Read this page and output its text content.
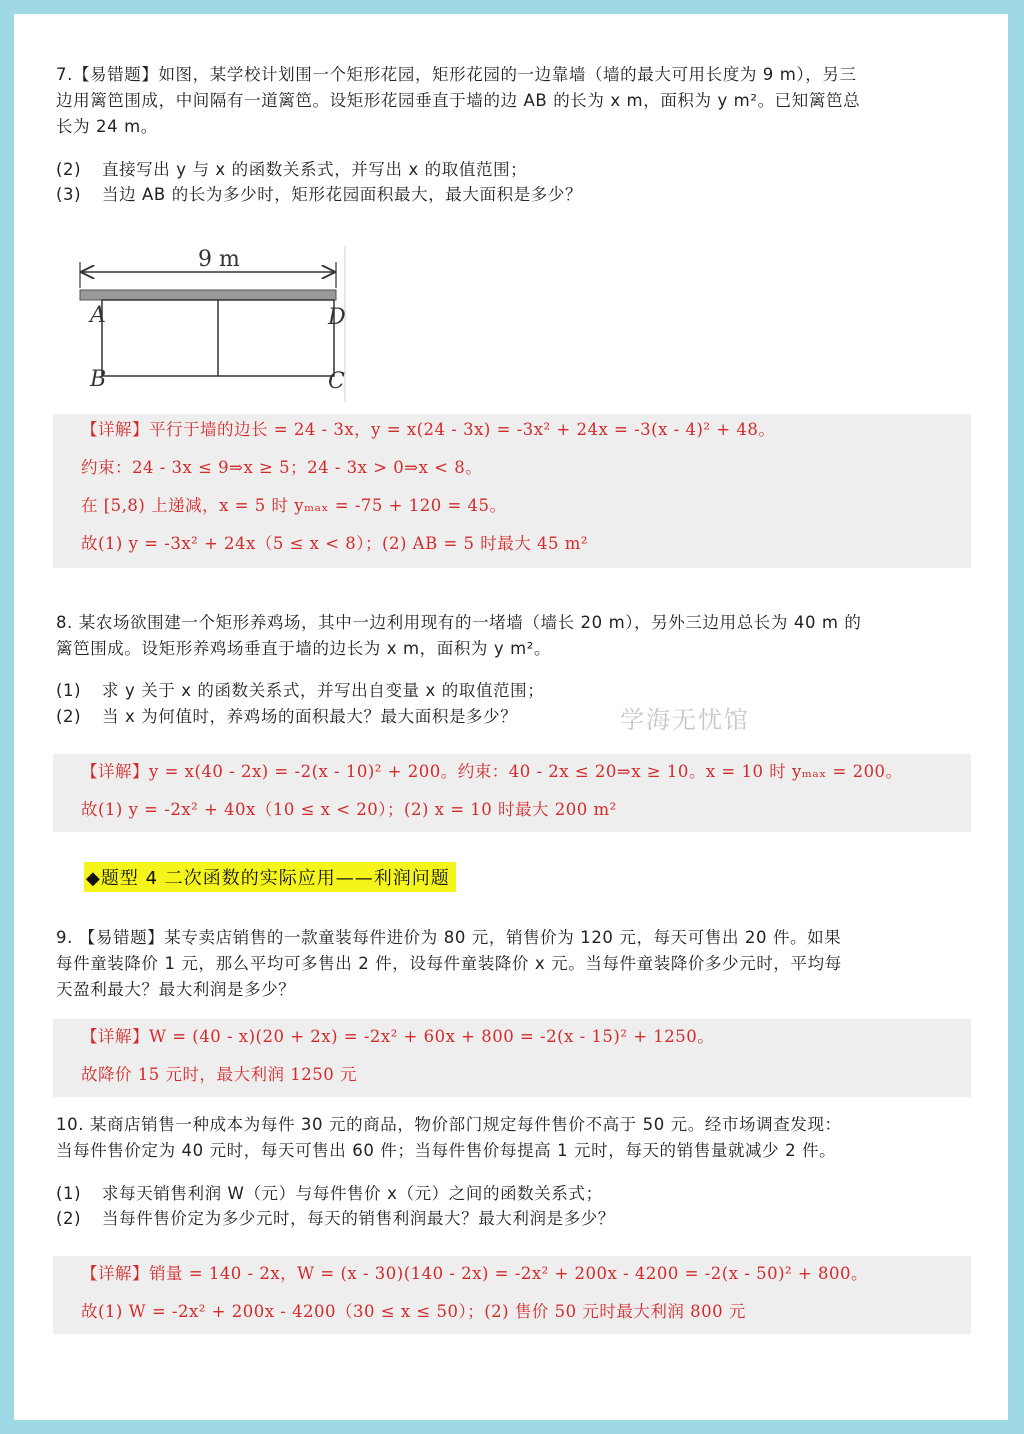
7.【易错题】如图，某学校计划围一个矩形花园，矩形花园的一边靠墙（墙的最大可用长度为 9 m），另三

边用篱笆围成，中间隔有一道篱笆。设矩形花园垂直于墙的边 AB 的长为 x m，面积为 y m²。已知篱笆总

长为 24 m。

(2) 直接写出 y 与 x 的函数关系式，并写出 x 的取值范围；
(3) 当边 AB 的长为多少时，矩形花园面积最大，最大面积是多少？
9 m
A
B
D
C
【详解】平行于墙的边长 = 24 - 3x，y = x(24 - 3x) = -3x² + 24x = -3(x - 4)² + 48。
约束：24 - 3x ≤ 9⇒x ≥ 5；24 - 3x > 0⇒x < 8。
在 [5,8) 上递减，x = 5 时 yₘₐₓ = -75 + 120 = 45。
故(1) y = -3x² + 24x（5 ≤ x < 8）；(2) AB = 5 时最大 45 m²

8. 某农场欲围建一个矩形养鸡场，其中一边利用现有的一堵墙（墙长 20 m），另外三边用总长为 40 m 的

篱笆围成。设矩形养鸡场垂直于墙的边长为 x m，面积为 y m²。

(1) 求 y 关于 x 的函数关系式，并写出自变量 x 的取值范围；
(2) 当 x 为何值时，养鸡场的面积最大？最大面积是多少？	学海无忧馆
【详解】y = x(40 - 2x) = -2(x - 10)² + 200。约束：40 - 2x ≤ 20⇒x ≥ 10。x = 10 时 yₘₐₓ = 200。
故(1) y = -2x² + 40x（10 ≤ x < 20）；(2) x = 10 时最大 200 m²
◆题型 4 二次函数的实际应用——利润问题

9. 【易错题】某专卖店销售的一款童装每件进价为 80 元，销售价为 120 元，每天可售出 20 件。如果

每件童装降价 1 元，那么平均可多售出 2 件，设每件童装降价 x 元。当每件童装降价多少元时，平均每

天盈利最大？最大利润是多少？

【详解】W = (40 - x)(20 + 2x) = -2x² + 60x + 800 = -2(x - 15)² + 1250。
故降价 15 元时，最大利润 1250 元

10. 某商店销售一种成本为每件 30 元的商品，物价部门规定每件售价不高于 50 元。经市场调查发现：

当每件售价定为 40 元时，每天可售出 60 件；当每件售价每提高 1 元时，每天的销售量就减少 2 件。

(1) 求每天销售利润 W（元）与每件售价 x（元）之间的函数关系式；
(2) 当每件售价定为多少元时，每天的销售利润最大？最大利润是多少？
【详解】销量 = 140 - 2x，W = (x - 30)(140 - 2x) = -2x² + 200x - 4200 = -2(x - 50)² + 800。
故(1) W = -2x² + 200x - 4200（30 ≤ x ≤ 50）；(2) 售价 50 元时最大利润 800 元
